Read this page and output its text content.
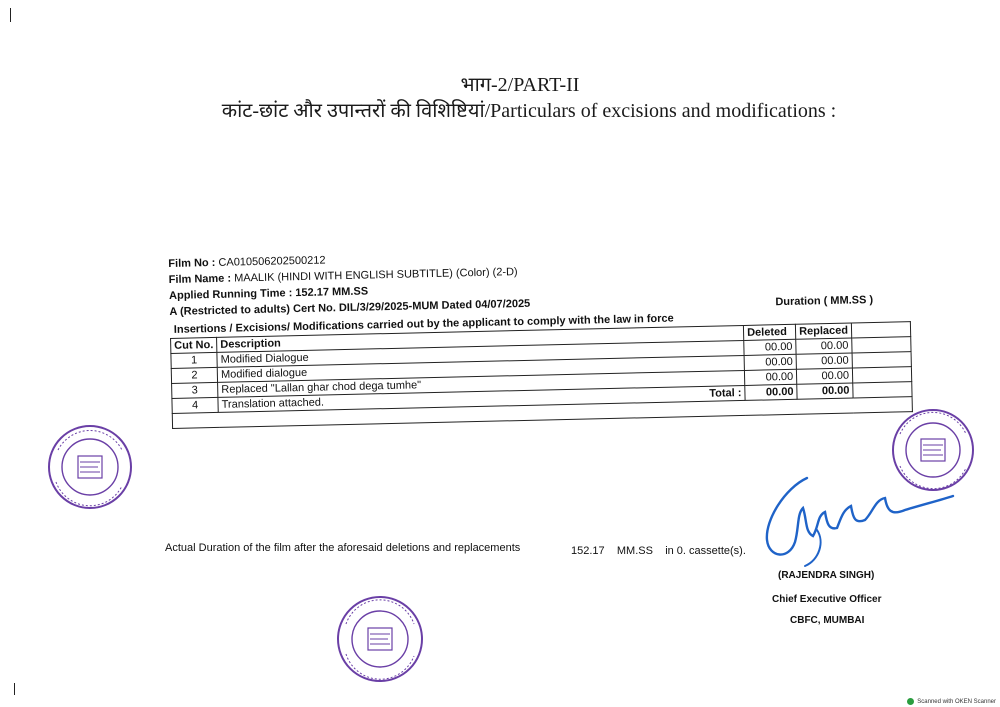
भाग-2/PART-II
कांट-छांट और उपान्तरों की विशिष्टियां/Particulars of excisions and modifications :
Film No : CA010506202500212
Film Name : MAALIK (HINDI WITH ENGLISH SUBTITLE) (Color) (2-D)
Applied Running Time : 152.17 MM.SS
A (Restricted to adults) Cert No. DIL/3/29/2025-MUM Dated 04/07/2025	Duration ( MM.SS )
Insertions / Excisions/ Modifications carried out by the applicant to comply with the law in force
Cut No.	Description	Deleted	Replaced	
1	Modified Dialogue	00.00	00.00	
2	Modified dialogue	00.00	00.00	
3	Replaced "Lallan ghar chod dega tumhe"	00.00	00.00	
4	Translation attached.
Total :	00.00	00.00	

Actual Duration of the film after the aforesaid deletions and replacements	152.17 MM.SS in 0. cassette(s).
(RAJENDRA SINGH)
Chief Executive Officer
CBFC, MUMBAI
Scanned with OKEN Scanner
